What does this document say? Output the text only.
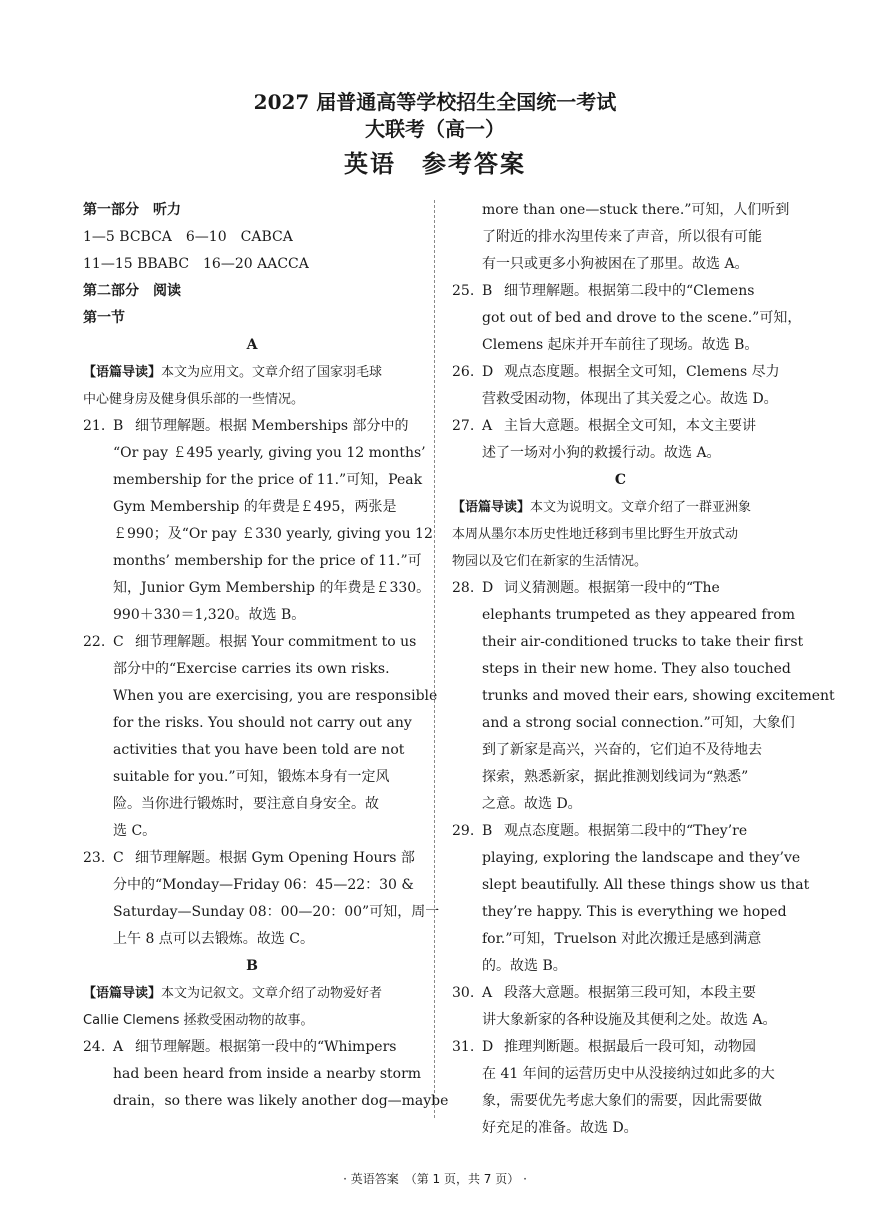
2027 届普通高等学校招生全国统一考试
大联考（高一）
英语　参考答案
第一部分　听力
1—5 BCBCA　6—10　CABCA
11—15 BBABC　16—20 AACCA
第二部分　阅读
第一节
A
【语篇导读】本文为应用文。文章介绍了国家羽毛球
中心健身房及健身俱乐部的一些情况。
21. B 细节理解题。根据 Memberships 部分中的
“Or pay ￡495 yearly, giving you 12 months’
membership for the price of 11.”可知，Peak
Gym Membership 的年费是￡495，两张是
￡990；及“Or pay ￡330 yearly, giving you 12
months’ membership for the price of 11.”可
知，Junior Gym Membership 的年费是￡330。
990＋330＝1,320。故选 B。
22. C 细节理解题。根据 Your commitment to us
部分中的“Exercise carries its own risks.
When you are exercising, you are responsible
for the risks. You should not carry out any
activities that you have been told are not
suitable for you.”可知，锻炼本身有一定风
险。当你进行锻炼时，要注意自身安全。故
选 C。
23. C 细节理解题。根据 Gym Opening Hours 部
分中的“Monday—Friday 06：45—22：30 &
Saturday—Sunday 08：00—20：00”可知，周一
上午 8 点可以去锻炼。故选 C。
B
【语篇导读】本文为记叙文。文章介绍了动物爱好者
Callie Clemens 拯救受困动物的故事。
24. A 细节理解题。根据第一段中的“Whimpers
had been heard from inside a nearby storm
drain，so there was likely another dog—maybe
more than one—stuck there.”可知，人们听到
了附近的排水沟里传来了声音，所以很有可能
有一只或更多小狗被困在了那里。故选 A。
25. B 细节理解题。根据第二段中的“Clemens
got out of bed and drove to the scene.”可知，
Clemens 起床并开车前往了现场。故选 B。
26. D 观点态度题。根据全文可知，Clemens 尽力
营救受困动物，体现出了其关爱之心。故选 D。
27. A 主旨大意题。根据全文可知，本文主要讲
述了一场对小狗的救援行动。故选 A。
C
【语篇导读】本文为说明文。文章介绍了一群亚洲象
本周从墨尔本历史性地迁移到韦里比野生开放式动
物园以及它们在新家的生活情况。
28. D 词义猜测题。根据第一段中的“The
elephants trumpeted as they appeared from
their air-conditioned trucks to take their first
steps in their new home. They also touched
trunks and moved their ears, showing excitement
and a strong social connection.”可知，大象们
到了新家是高兴，兴奋的，它们迫不及待地去
探索，熟悉新家，据此推测划线词为“熟悉”
之意。故选 D。
29. B 观点态度题。根据第二段中的“They’re
playing, exploring the landscape and they’ve
slept beautifully. All these things show us that
they’re happy. This is everything we hoped
for.”可知，Truelson 对此次搬迁是感到满意
的。故选 B。
30. A 段落大意题。根据第三段可知，本段主要
讲大象新家的各种设施及其便利之处。故选 A。
31. D 推理判断题。根据最后一段可知，动物园
在 41 年间的运营历史中从没接纳过如此多的大
象，需要优先考虑大象们的需要，因此需要做
好充足的准备。故选 D。
· 英语答案　（第 1 页，共 7 页） ·
